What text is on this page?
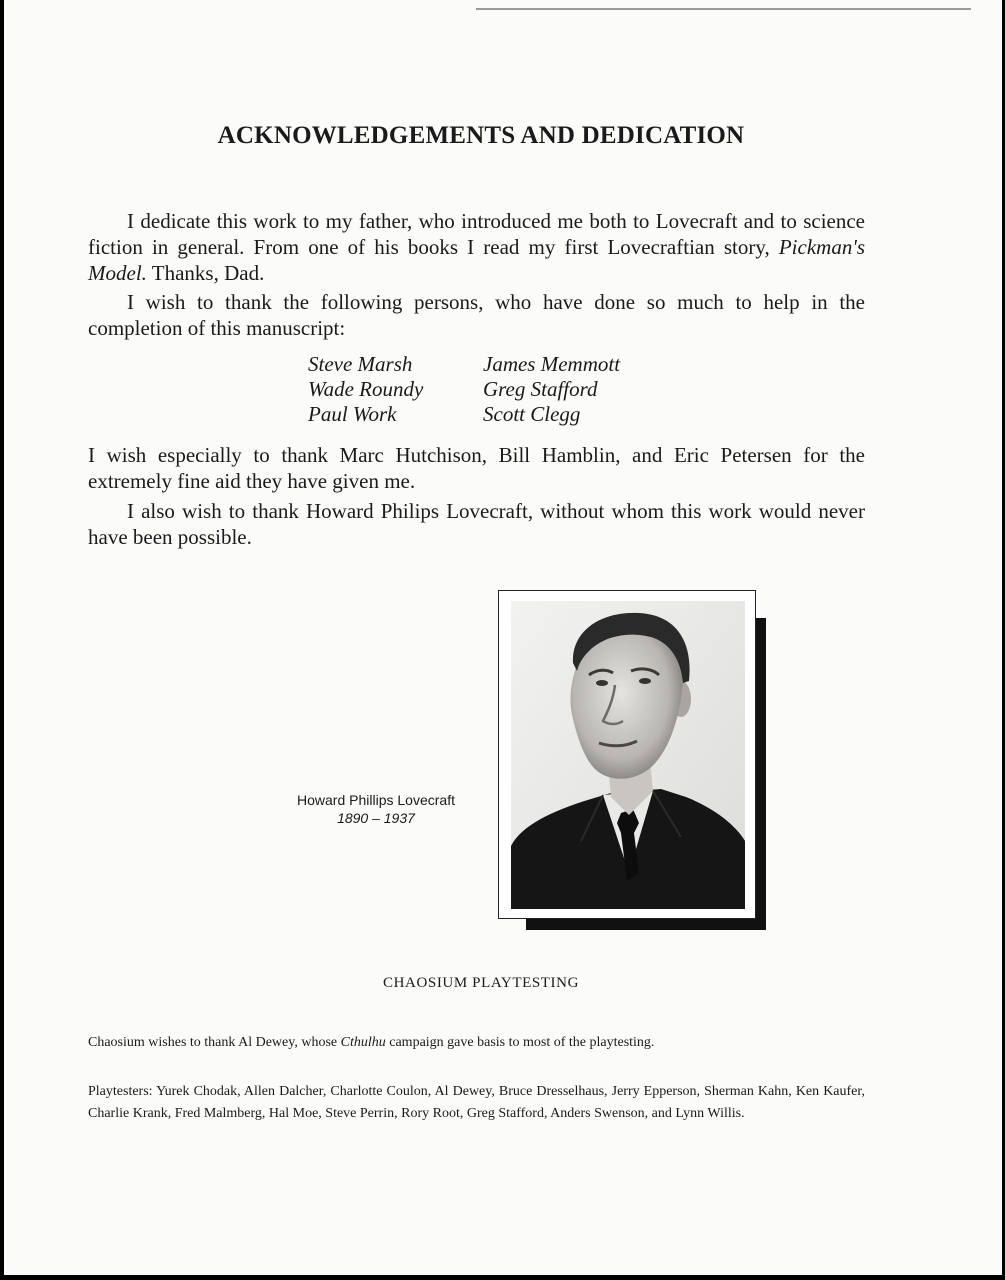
ACKNOWLEDGEMENTS AND DEDICATION

I dedicate this work to my father, who introduced me both to Lovecraft and to science fiction in general. From one of his books I read my first Lovecraftian story, Pickman's Model. Thanks, Dad.

I wish to thank the following persons, who have done so much to help in the completion of this manuscript:

Steve Marsh
Wade Roundy
Paul Work
James Memmott
Greg Stafford
Scott Clegg

I wish especially to thank Marc Hutchison, Bill Hamblin, and Eric Petersen for the extremely fine aid they have given me.

I also wish to thank Howard Philips Lovecraft, without whom this work would never have been possible.

Howard Phillips Lovecraft
1890 – 1937
CHAOSIUM PLAYTESTING

Chaosium wishes to thank Al Dewey, whose Cthulhu campaign gave basis to most of the playtesting.

Playtesters: Yurek Chodak, Allen Dalcher, Charlotte Coulon, Al Dewey, Bruce Dresselhaus, Jerry Epperson, Sherman Kahn, Ken Kaufer, Charlie Krank, Fred Malmberg, Hal Moe, Steve Perrin, Rory Root, Greg Stafford, Anders Swenson, and Lynn Willis.
